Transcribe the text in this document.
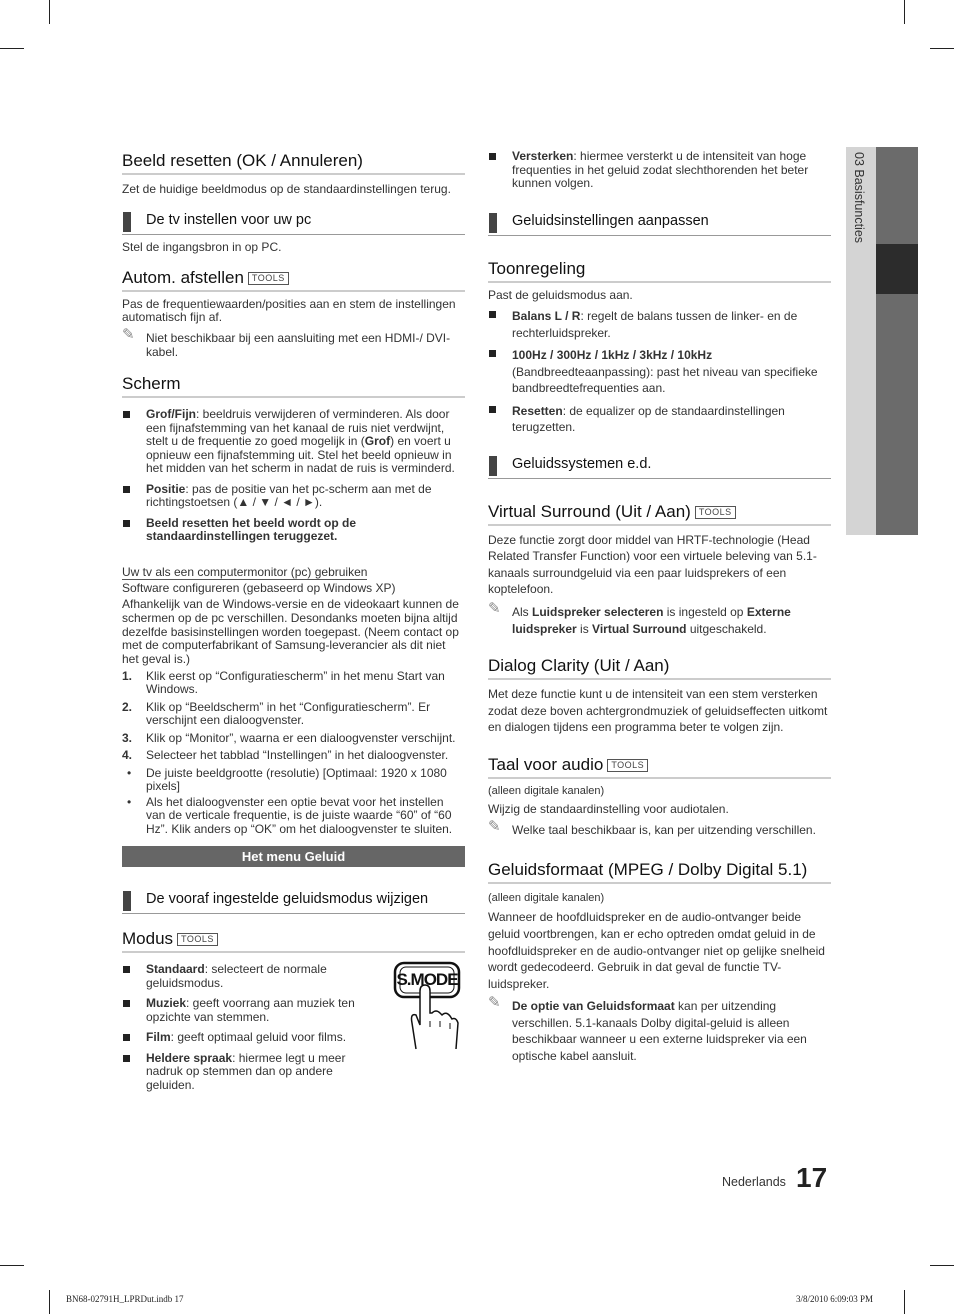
03 Basisfuncties
Beeld resetten (OK / Annuleren)

Zet de huidige beeldmodus op de standaardinstellingen terug.

De tv instellen voor uw pc

Stel de ingangsbron in op PC.

Autom. afstellen TOOLS

Pas de frequentiewaarden/posities aan en stem de instellingen automatisch fijn af.

✎ Niet beschikbaar bij een aansluiting met een HDMI-/ DVI-kabel.
Scherm
Grof/Fijn: beeldruis verwijderen of verminderen. Als door een fijnafstemming van het kanaal de ruis niet verdwijnt, stelt u de frequentie zo goed mogelijk in (Grof) en voert u opnieuw een fijnafstemming uit. Stel het beeld opnieuw in het midden van het scherm in nadat de ruis is verminderd.
Positie: pas de positie van het pc-scherm aan met de richtingstoetsen (▲ / ▼ / ◄ / ►).
Beeld resetten het beeld wordt op de standaardinstellingen teruggezet.
Uw tv als een computermonitor (pc) gebruiken

Software configureren (gebaseerd op Windows XP)

Afhankelijk van de Windows-versie en de videokaart kunnen de schermen op de pc verschillen. Desondanks moeten bijna altijd dezelfde basisinstellingen worden toegepast. (Neem contact op met de computerfabrikant of Samsung-leverancier als dit niet het geval is.)

1. Klik eerst op “Configuratiescherm” in het menu Start van Windows.
2. Klik op “Beeldscherm” in het “Configuratiescherm”. Er verschijnt een dialoogvenster.
3. Klik op “Monitor”, waarna er een dialoogvenster verschijnt.
4. Selecteer het tabblad “Instellingen” in het dialoogvenster.
• De juiste beeldgrootte (resolutie) [Optimaal: 1920 x 1080 pixels]
• Als het dialoogvenster een optie bevat voor het instellen van de verticale frequentie, is de juiste waarde “60” of “60 Hz”. Klik anders op “OK” om het dialoogvenster te sluiten.
Het menu Geluid
De vooraf ingestelde geluidsmodus wijzigen
Modus TOOLS
Standaard: selecteert de normale geluidsmodus.
Muziek: geeft voorrang aan muziek ten opzichte van stemmen.
Film: geeft optimaal geluid voor films.
Heldere spraak: hiermee legt u meer nadruk op stemmen dan op andere geluiden.
S.MODE
Versterken: hiermee versterkt u de intensiteit van hoge frequenties in het geluid zodat slechthorenden het beter kunnen volgen.
Geluidsinstellingen aanpassen
Toonregeling

Past de geluidsmodus aan.

Balans L / R: regelt de balans tussen de linker- en de rechterluidspreker.
100Hz / 300Hz / 1kHz / 3kHz / 10kHz
(Bandbreedteaanpassing): past het niveau van specifieke bandbreedtefrequenties aan.
Resetten: de equalizer op de standaardinstellingen terugzetten.
Geluidssystemen e.d.
Virtual Surround (Uit / Aan) TOOLS

Deze functie zorgt door middel van HRTF-technologie (Head Related Transfer Function) voor een virtuele beleving van 5.1-kanaals surroundgeluid via een paar luidsprekers of een koptelefoon.

✎ Als Luidspreker selecteren is ingesteld op Externe luidspreker is Virtual Surround uitgeschakeld.
Dialog Clarity (Uit / Aan)

Met deze functie kunt u de intensiteit van een stem versterken zodat deze boven achtergrondmuziek of geluidseffecten uitkomt en dialogen tijdens een programma beter te volgen zijn.

Taal voor audio TOOLS

(alleen digitale kanalen)

Wijzig de standaardinstelling voor audiotalen.

✎ Welke taal beschikbaar is, kan per uitzending verschillen.
Geluidsformaat (MPEG / Dolby Digital 5.1)

(alleen digitale kanalen)

Wanneer de hoofdluidspreker en de audio-ontvanger beide geluid voortbrengen, kan er echo optreden omdat geluid in de hoofdluidspreker en de audio-ontvanger niet op gelijke snelheid wordt gedecodeerd. Gebruik in dat geval de functie TV-luidspreker.

✎ De optie van Geluidsformaat kan per uitzending verschillen. 5.1-kanaals Dolby digital-geluid is alleen beschikbaar wanneer u een externe luidspreker via een optische kabel aansluit.
Nederlands 17
BN68-02791H_LPRDut.indb 17	3/8/2010 6:09:03 PM
